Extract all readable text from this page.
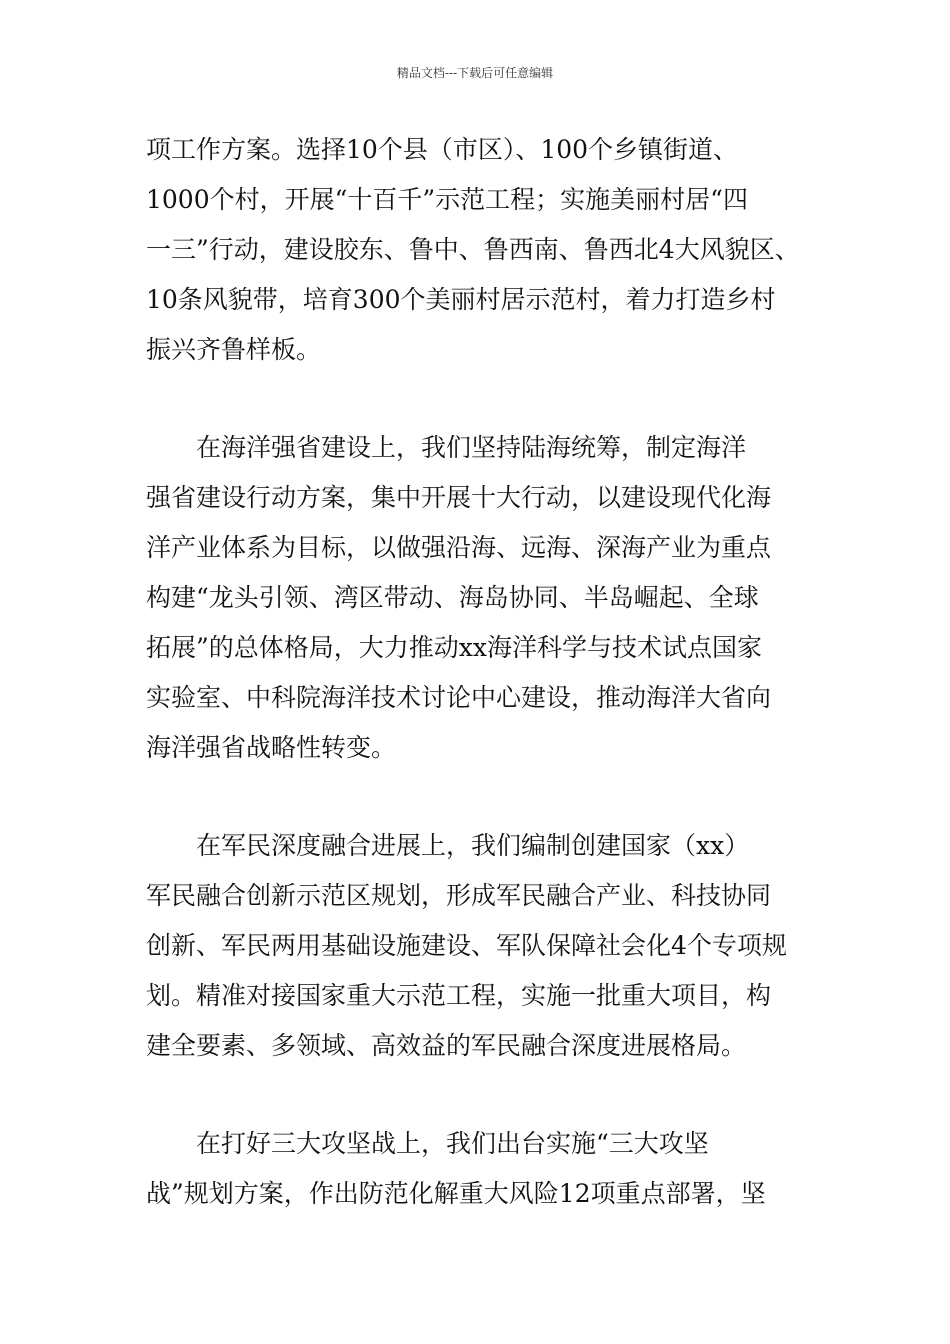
精品文档---下载后可任意编辑
项工作方案。选择10个县（市区）、100个乡镇街道、
1000个村，开展“十百千”示范工程；实施美丽村居“四
一三”行动，建设胶东、鲁中、鲁西南、鲁西北4大风貌区、
10条风貌带，培育300个美丽村居示范村，着力打造乡村
振兴齐鲁样板。
　　在海洋强省建设上，我们坚持陆海统筹，制定海洋
强省建设行动方案，集中开展十大行动，以建设现代化海
洋产业体系为目标，以做强沿海、远海、深海产业为重点
构建“龙头引领、湾区带动、海岛协同、半岛崛起、全球
拓展”的总体格局，大力推动xx海洋科学与技术试点国家
实验室、中科院海洋技术讨论中心建设，推动海洋大省向
海洋强省战略性转变。
　　在军民深度融合进展上，我们编制创建国家（xx）
军民融合创新示范区规划，形成军民融合产业、科技协同
创新、军民两用基础设施建设、军队保障社会化4个专项规
划。精准对接国家重大示范工程，实施一批重大项目，构
建全要素、多领域、高效益的军民融合深度进展格局。
　　在打好三大攻坚战上，我们出台实施“三大攻坚
战”规划方案，作出防范化解重大风险12项重点部署，坚
